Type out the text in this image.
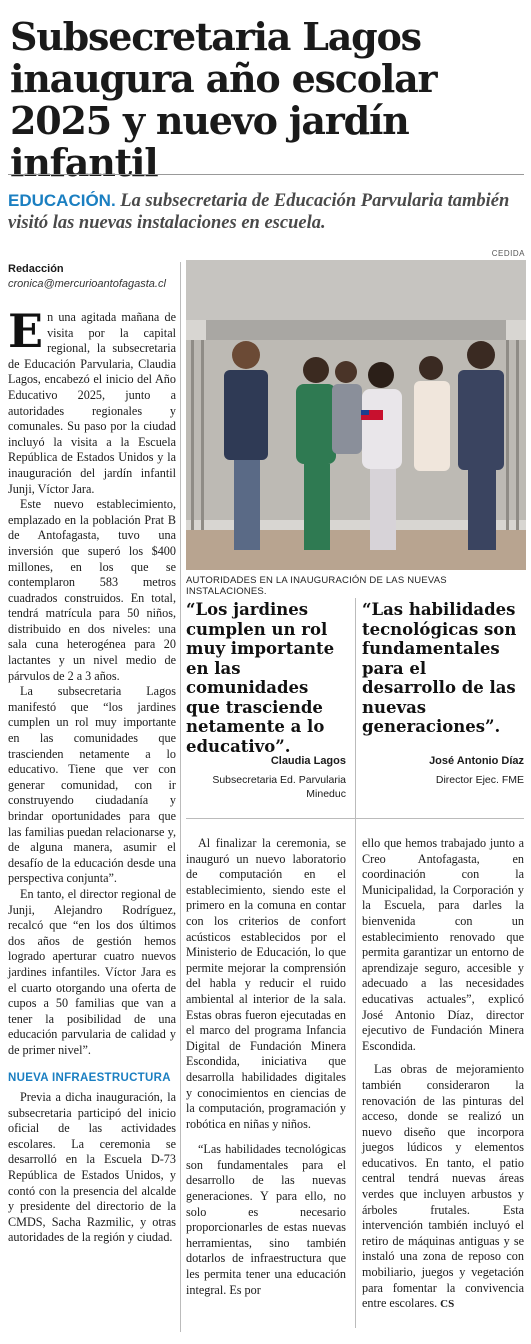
Subsecretaria Lagos inaugura año escolar 2025 y nuevo jardín infantil

EDUCACIÓN. La subsecretaria de Educación Parvularia también visitó las nuevas instalaciones en escuela.

Redacción
cronica@mercurioantofagasta.cl
CEDIDA
AUTORIDADES EN LA INAUGURACIÓN DE LAS NUEVAS INSTALACIONES.

En una agitada mañana de visita por la capital regional, la subsecretaria de Educación Parvularia, Claudia Lagos, encabezó el inicio del Año Educativo 2025, junto a autoridades regionales y comunales. Su paso por la ciudad incluyó la visita a la Escuela República de Estados Unidos y la inauguración del jardín infantil Junji, Víctor Jara.

Este nuevo establecimiento, emplazado en la población Prat B de Antofagasta, tuvo una inversión que superó los $400 millones, en los que se contemplaron 583 metros cuadrados construidos. En total, tendrá matrícula para 50 niños, distribuido en dos niveles: una sala cuna heterogénea para 20 lactantes y un nivel medio de párvulos de 2 a 3 años.

La subsecretaria Lagos manifestó que “los jardines cumplen un rol muy importante en las comunidades que trascienden netamente a lo educativo. Tiene que ver con generar comunidad, con ir construyendo ciudadanía y brindar oportunidades para que las familias puedan relacionarse y, de alguna manera, asumir el desafío de la educación desde una perspectiva conjunta”.

En tanto, el director regional de Junji, Alejandro Rodríguez, recalcó que “en los dos últimos dos años de gestión hemos logrado aperturar cuatro nuevos jardines infantiles. Víctor Jara es el cuarto otorgando una oferta de cupos a 50 familias que van a tener la posibilidad de una educación parvularia de calidad y de primer nivel”.

NUEVA INFRAESTRUCTURA

Previa a dicha inauguración, la subsecretaria participó del inicio oficial de las actividades escolares. La ceremonia se desarrolló en la Escuela D-73 República de Estados Unidos, y contó con la presencia del alcalde y presidente del directorio de la CMDS, Sacha Razmilic, y otras autoridades de la región y ciudad.

“Los jardines cumplen un rol muy importante en las comunidades que trasciende netamente a lo educativo”.

Claudia Lagos
Subsecretaria Ed. Parvularia
Mineduc

“Las habilidades tecnológicas son fundamentales para el desarrollo de las nuevas generaciones”.

José Antonio Díaz
Director Ejec. FME

Al finalizar la ceremonia, se inauguró un nuevo laboratorio de computación en el establecimiento, siendo este el primero en la comuna en contar con los criterios de confort acústicos establecidos por el Ministerio de Educación, lo que permite mejorar la comprensión del habla y reducir el ruido ambiental al interior de la sala. Estas obras fueron ejecutadas en el marco del programa Infancia Digital de Fundación Minera Escondida, iniciativa que desarrolla habilidades digitales y conocimientos en ciencias de la computación, programación y robótica en niñas y niños.

“Las habilidades tecnológicas son fundamentales para el desarrollo de las nuevas generaciones. Y para ello, no solo es necesario proporcionarles de estas nuevas herramientas, sino también dotarlos de infraestructura que les permita tener una educación integral. Es por

ello que hemos trabajado junto a Creo Antofagasta, en coordinación con la Municipalidad, la Corporación y la Escuela, para darles la bienvenida con un establecimiento renovado que permita garantizar un entorno de aprendizaje seguro, accesible y adecuado a las necesidades educativas actuales”, explicó José Antonio Díaz, director ejecutivo de Fundación Minera Escondida.

Las obras de mejoramiento también consideraron la renovación de las pinturas del acceso, donde se realizó un nuevo diseño que incorpora juegos lúdicos y elementos educativos. En tanto, el patio central tendrá nuevas áreas verdes que incluyen arbustos y árboles frutales. Esta intervención también incluyó el retiro de máquinas antiguas y se instaló una zona de reposo con mobiliario, juegos y vegetación para fomentar la convivencia entre escolares. CS
